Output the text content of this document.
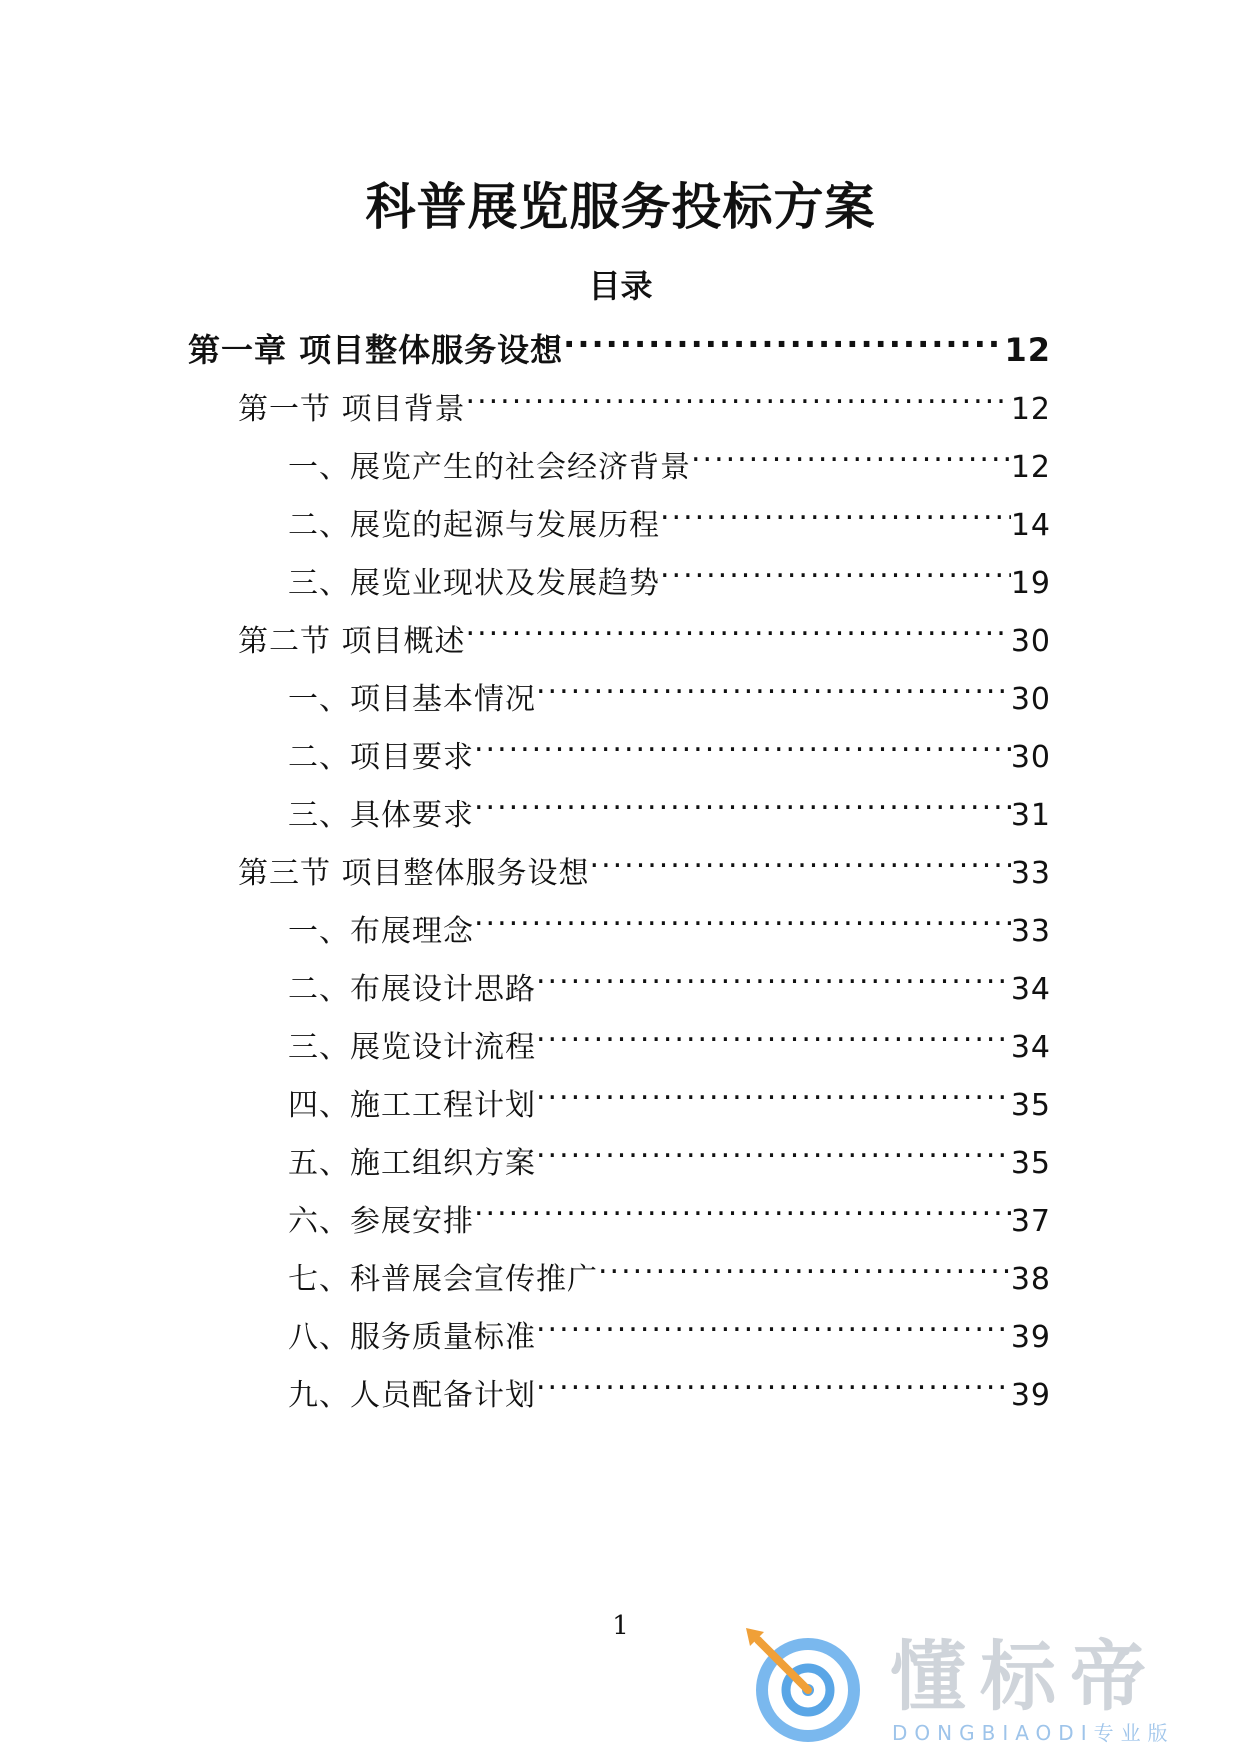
科普展览服务投标方案
目录
第一章 项目整体服务设想 .....	12
第一节 项目背景 .....	12
一、展览产生的社会经济背景 .....	12
二、展览的起源与发展历程 .....	14
三、展览业现状及发展趋势 .....	19
第二节 项目概述 .....	30
一、项目基本情况 .....	30
二、项目要求 .....	30
三、具体要求 .....	31
第三节 项目整体服务设想 .....	33
一、布展理念 .....	33
二、布展设计思路 .....	34
三、展览设计流程 .....	34
四、施工工程计划 .....	35
五、施工组织方案 .....	35
六、参展安排 .....	37
七、科普展会宣传推广 .....	38
八、服务质量标准 .....	39
九、人员配备计划 .....	39
1
懂标帝
DONGBIAODI专业版
